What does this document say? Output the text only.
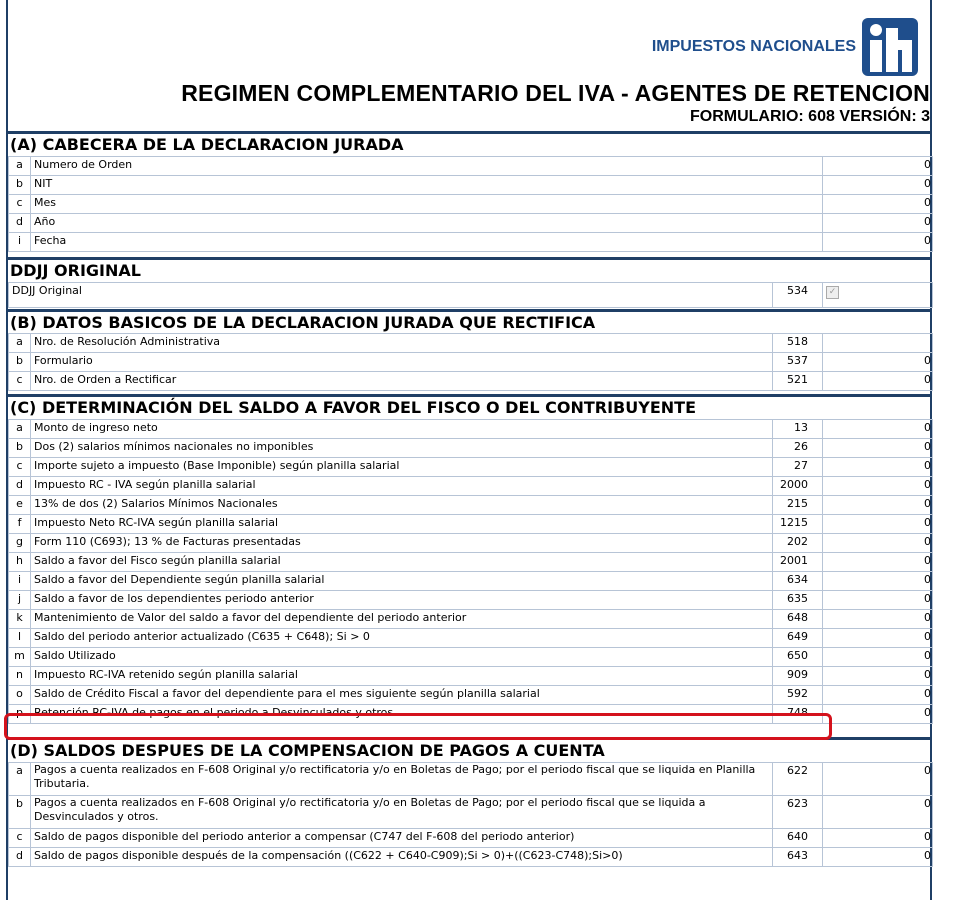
IMPUESTOS NACIONALES
REGIMEN COMPLEMENTARIO DEL IVA - AGENTES DE RETENCION
FORMULARIO: 608 VERSIÓN: 3
(A) CABECERA DE LA DECLARACION JURADA
a	Numero de Orden	0
b	NIT	0
c	Mes	0
d	Año	0
i	Fecha	0
DDJJ ORIGINAL
DDJJ Original	534	✓
(B) DATOS BASICOS DE LA DECLARACION JURADA QUE RECTIFICA
a	Nro. de Resolución Administrativa	518	
b	Formulario	537	0
c	Nro. de Orden a Rectificar	521	0
(C) DETERMINACIÓN DEL SALDO A FAVOR DEL FISCO O DEL CONTRIBUYENTE
a	Monto de ingreso neto	13	0
b	Dos (2) salarios mínimos nacionales no imponibles	26	0
c	Importe sujeto a impuesto (Base Imponible) según planilla salarial	27	0
d	Impuesto RC - IVA según planilla salarial	2000	0
e	13% de dos (2) Salarios Mínimos Nacionales	215	0
f	Impuesto Neto RC-IVA según planilla salarial	1215	0
g	Form 110 (C693); 13 % de Facturas presentadas	202	0
h	Saldo a favor del Fisco según planilla salarial	2001	0
i	Saldo a favor del Dependiente según planilla salarial	634	0
j	Saldo a favor de los dependientes periodo anterior	635	0
k	Mantenimiento de Valor del saldo a favor del dependiente del periodo anterior	648	0
l	Saldo del periodo anterior actualizado (C635 + C648); Si > 0	649	0
m	Saldo Utilizado	650	0
n	Impuesto RC-IVA retenido según planilla salarial	909	0
o	Saldo de Crédito Fiscal a favor del dependiente para el mes siguiente según planilla salarial	592	0
p	Retención RC-IVA de pagos en el periodo a Desvinculados y otros	748	0
(D) SALDOS DESPUES DE LA COMPENSACION DE PAGOS A CUENTA
a	Pagos a cuenta realizados en F-608 Original y/o rectificatoria y/o en Boletas de Pago; por el periodo fiscal que se liquida en Planilla Tributaria.	622	0
b	Pagos a cuenta realizados en F-608 Original y/o rectificatoria y/o en Boletas de Pago; por el periodo fiscal que se liquida a Desvinculados y otros.	623	0
c	Saldo de pagos disponible del periodo anterior a compensar (C747 del F-608 del periodo anterior)	640	0
d	Saldo de pagos disponible después de la compensación ((C622 + C640-C909);Si > 0)+((C623-C748);Si>0)	643	0
